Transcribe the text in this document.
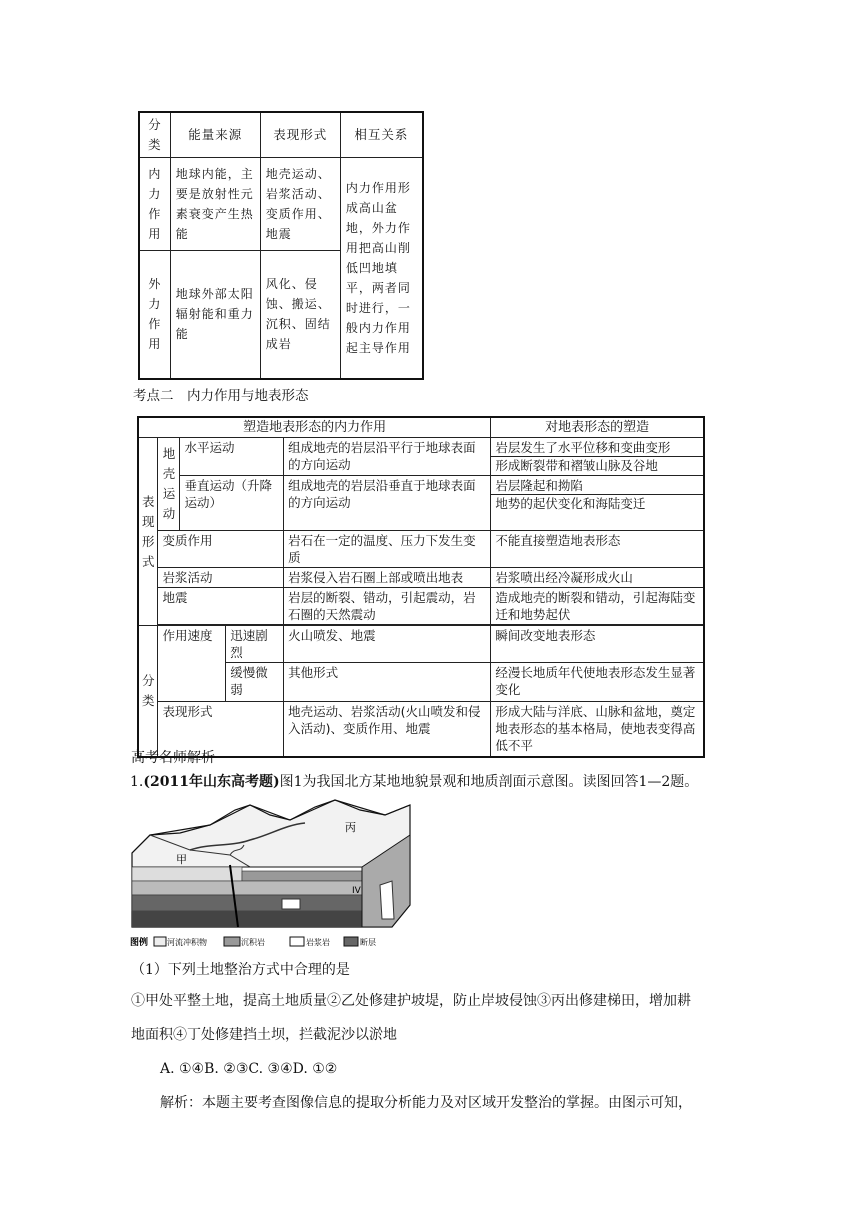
分类	能量来源	表现形式	相互关系
内力作用	地球内能，主要是放射性元素衰变产生热能	地壳运动、岩浆活动、变质作用、地震	内力作用形成高山盆地，外力作用把高山削低凹地填平，两者同时进行，一般内力作用起主导作用
外力作用	地球外部太阳辐射能和重力能	风化、侵蚀、搬运、沉积、固结成岩	
考点二　内力作用与地表形态
塑造地表形态的内力作用					对地表形态的塑造
表现形式	地壳运动	水平运动		组成地壳的岩层沿平行于地球表面的方向运动	岩层发生了水平位移和变曲变形
形成断裂带和褶皱山脉及谷地

		垂直运动（升降运动）		组成地壳的岩层沿垂直于地球表面的方向运动	岩层隆起和拗陷
地势的起伏变化和海陆变迁

	变质作用			岩石在一定的温度、压力下发生变质	不能直接塑造地表形态
	岩浆活动			岩浆侵入岩石圈上部或喷出地表	岩浆喷出经冷凝形成火山
	地震			岩层的断裂、错动，引起震动，岩石圈的天然震动	造成地壳的断裂和错动，引起海陆变迁和地势起伏

分类	作用速度		迅速剧烈	火山喷发、地震	瞬间改变地表形态
			缓慢微弱	其他形式	经漫长地质年代使地表形态发生显著变化
	表现形式			地壳运动、岩浆活动(火山喷发和侵入活动)、变质作用、地震	形成大陆与洋底、山脉和盆地，奠定地表形态的基本格局，使地表变得高低不平
高考名师解析
1.(2011年山东高考题)图1为我国北方某地地貌景观和地质剖面示意图。读图回答1—2题。
甲
丙
IV
图例 河流冲积物	沉积岩	岩浆岩	断层
（1）下列土地整治方式中合理的是
①甲处平整土地，提高土地质量②乙处修建护坡堤，防止岸坡侵蚀③丙出修建梯田，增加耕
地面积④丁处修建挡土坝，拦截泥沙以淤地
A. ①④B. ②③C. ③④D. ①②
解析：本题主要考查图像信息的提取分析能力及对区域开发整治的掌握。由图示可知，
